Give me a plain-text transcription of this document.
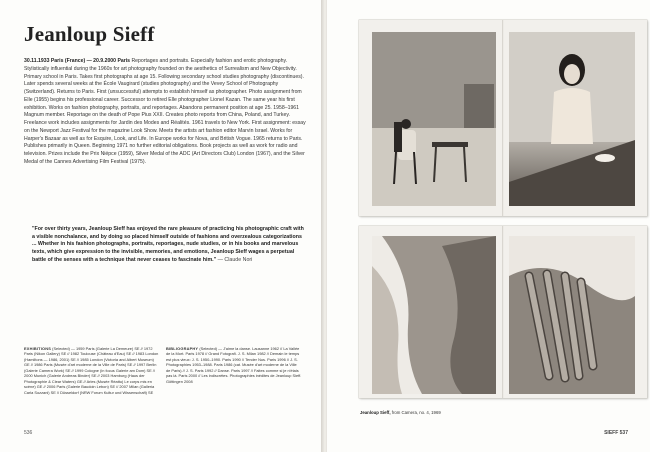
Jeanloup Sieff
30.11.1933 Paris (France) — 20.9.2000 Paris Reportages and portraits. Especially fashion and erotic photography. Stylistically influential during the 1960s for art photography founded on the aesthetics of Surrealism and New Objectivity. Primary school in Paris. Takes first photographs at age 15. Following secondary school studies photography (discontinues). Later spends several weeks at the École Vaugirard (studies photography) and the Vevey School of Photography (Switzerland). Returns to Paris. First (unsuccessful) attempts to establish himself as photographer. Photo assignment from Elle (1955) begins his professional career. Successor to retired Elle photographer Lionel Kazan. The same year his first exhibition. Works on fashion photography, portraits, and reportages. Abandons permanent position at age 25. 1958–1961 Magnum member. Reportage on the death of Pope Pius XXII. Creates photo reports from China, Poland, and Turkey. Freelance work includes assignments for Jardin des Modes and Réalités. 1961 travels to New York. First assignment: essay on the Newport Jazz Festival for the magazine Look Show. Meets the artists art fashion editor Marvin Israel. Works for Harper's Bazaar as well as for Esquire, Look, and Life. In Europe works for Nova, and British Vogue. 1965 returns to Paris. Publishes primarily in Queen. Beginning 1971 no further editorial obligations. Book projects as well as work for radio and television. Prizes include the Prix Niépce (1959), Silver Medal of the ADC (Art Directors Club) London (1967), and the Silver Medal of the Cannes Advertising Film Festival (1975).
"For over thirty years, Jeanloup Sieff has enjoyed the rare pleasure of practicing his photographic craft with a visible nonchalance, and by doing so placed himself outside of fashions and overzealous categorizations ... Whether in his fashion photographs, portraits, reportages, nude studies, or in his books and marvelous texts, which give expression to the invisible, memories, and emotions, Jeanloup Sieff wages a perpetual battle of the senses with a technique that never ceases to fascinate him." — Claude Nori
EXHIBITIONS (Selected) — 1959 Paris (Galerie La Demeure) SE // 1972 Paris (Nikon Gallery) SE // 1982 Toulouse (Château d'Eau) SE // 1983 London (Hamiltons — 1986, 2001) SE // 1985 London (Victoria and Albert Museum) GE // 1986 Paris (Musée d'art moderne de la Ville de Paris) SE // 1997 Berlin (Galerie Camera Work) SE // 1999 Cologne (in focus Galerie am Dom) SE // 2000 Munich (Galerie Andreas Binder) SE // 2003 Hamburg (Haus der Photographie & Clear Waters) GE // Arles (Musée Réattu) Le corps mis en scène) GE // 2006 Paris (Galerie Baudoin Lebon) SE // 2007 Milan (Galleria Carla Sozzani) SE // Düsseldorf (NRW Forum Kultur und Wissenschaft) SE
BIBLIOGRAPHY (Selected) — J'aime la danse. Lausanne 1962 // La Vallée de la Mort. Paris 1978 // Grand Fotografi. J. S. Milan 1982 // Demain le temps est plus vieux: J. S. 1950–1990. Paris 1990 // Tender Nus. Paris 1996 // J. S. Photographies 1953–1988. Paris 1986 (cat. Musée d'art moderne de la Ville de Paris) // J. S. Paris 1992 // Danse. Paris 1997 // Faites comme si je n'étais pas là. Paris 2000 // Les indiscrètes. Photographies inédites de Jeanloup Sieff. Göttingen 2008
536
Jeanloup Sieff, from Camera, no. 4, 1969
SIEFF 537
